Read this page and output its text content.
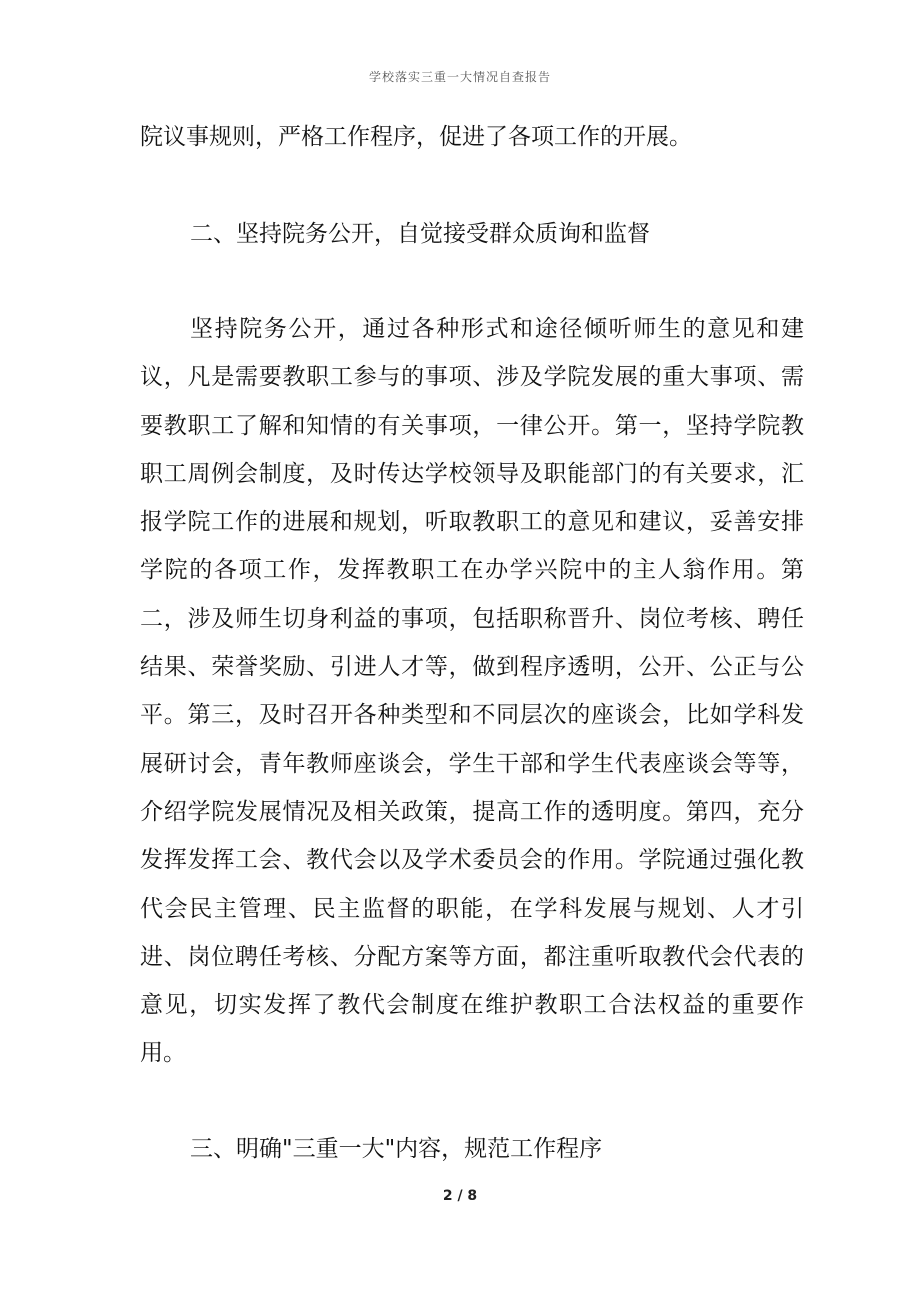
学校落实三重一大情况自查报告

院议事规则，严格工作程序，促进了各项工作的开展。

二、坚持院务公开，自觉接受群众质询和监督

坚持院务公开，通过各种形式和途径倾听师生的意见和建议，凡是需要教职工参与的事项、涉及学院发展的重大事项、需要教职工了解和知情的有关事项，一律公开。第一，坚持学院教职工周例会制度，及时传达学校领导及职能部门的有关要求，汇报学院工作的进展和规划，听取教职工的意见和建议，妥善安排学院的各项工作，发挥教职工在办学兴院中的主人翁作用。第二，涉及师生切身利益的事项，包括职称晋升、岗位考核、聘任结果、荣誉奖励、引进人才等，做到程序透明，公开、公正与公平。第三，及时召开各种类型和不同层次的座谈会，比如学科发展研讨会，青年教师座谈会，学生干部和学生代表座谈会等等，介绍学院发展情况及相关政策，提高工作的透明度。第四，充分发挥发挥工会、教代会以及学术委员会的作用。学院通过强化教代会民主管理、民主监督的职能，在学科发展与规划、人才引进、岗位聘任考核、分配方案等方面，都注重听取教代会代表的意见，切实发挥了教代会制度在维护教职工合法权益的重要作用。

三、明确"三重一大"内容，规范工作程序

2 / 8
